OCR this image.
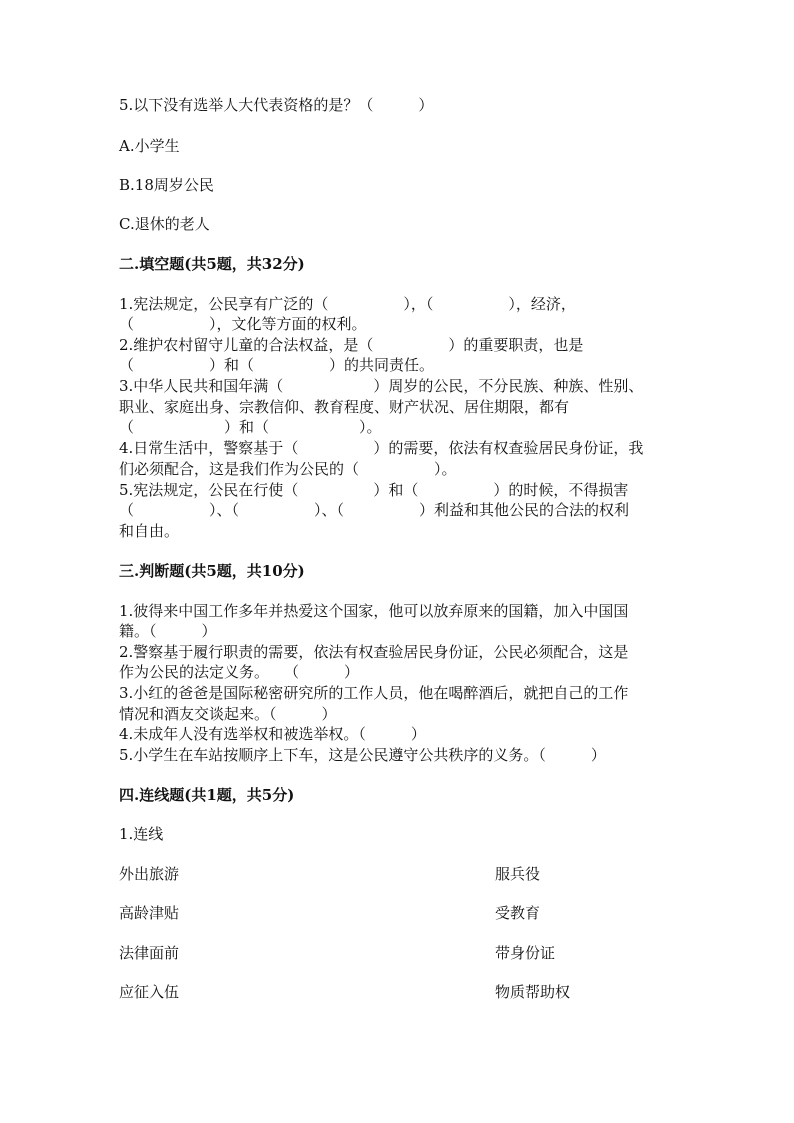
5.以下没有选举人大代表资格的是？（　　　）
A.小学生
B.18周岁公民
C.退休的老人
二.填空题(共5题，共32分)
1.宪法规定，公民享有广泛的（　　　　　），（　　　　　），经济，
（　　　　　），文化等方面的权利。
2.维护农村留守儿童的合法权益，是（　　　　　）的重要职责，也是
（　　　　　）和（　　　　　）的共同责任。
3.中华人民共和国年满（　　　　　　）周岁的公民，不分民族、种族、性别、
职业、家庭出身、宗教信仰、教育程度、财产状况、居住期限，都有
（　　　　　　）和（　　　　　　）。
4.日常生活中，警察基于（　　　　　）的需要，依法有权查验居民身份证，我
们必须配合，这是我们作为公民的（　　　　　）。
5.宪法规定，公民在行使（　　　　　）和（　　　　　）的时候，不得损害
（　　　　　）、（　　　　　）、（　　　　　）利益和其他公民的合法的权利
和自由。
三.判断题(共5题，共10分)
1.彼得来中国工作多年并热爱这个国家，他可以放弃原来的国籍，加入中国国
籍。（　　　）
2.警察基于履行职责的需要，依法有权查验居民身份证，公民必须配合，这是
作为公民的法定义务。　　（　　　）
3.小红的爸爸是国际秘密研究所的工作人员，他在喝醉酒后，就把自己的工作
情况和酒友交谈起来。（　　　）
4.未成年人没有选举权和被选举权。（　　　）
5.小学生在车站按顺序上下车，这是公民遵守公共秩序的义务。（　　　）
四.连线题(共1题，共5分)
1.连线
外出旅游
高龄津贴
法律面前
应征入伍
服兵役
受教育
带身份证
物质帮助权
